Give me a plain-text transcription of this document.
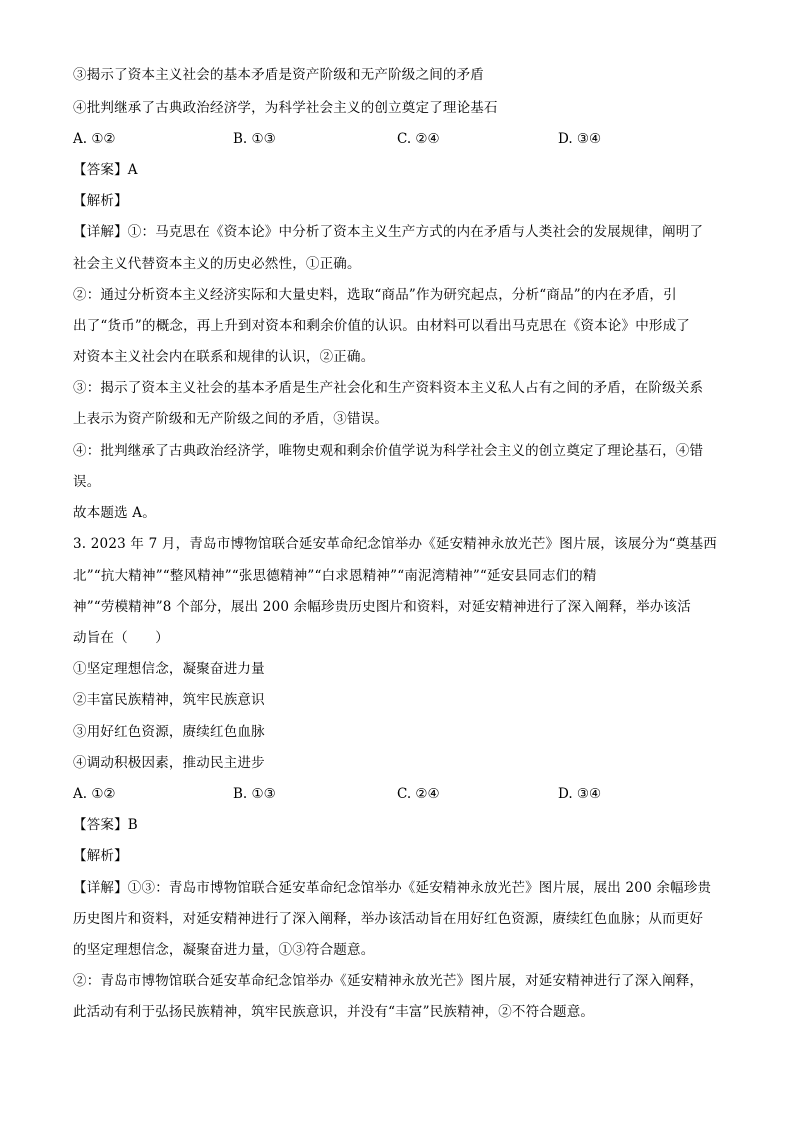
③揭示了资本主义社会的基本矛盾是资产阶级和无产阶级之间的矛盾
④批判继承了古典政治经济学，为科学社会主义的创立奠定了理论基石
A. ①②	B. ①③	C. ②④	D. ③④
【答案】A
【解析】
【详解】①：马克思在《资本论》中分析了资本主义生产方式的内在矛盾与人类社会的发展规律，阐明了
社会主义代替资本主义的历史必然性，①正确。
②：通过分析资本主义经济实际和大量史料，选取“商品”作为研究起点，分析“商品”的内在矛盾，引
出了“货币”的概念，再上升到对资本和剩余价值的认识。由材料可以看出马克思在《资本论》中形成了
对资本主义社会内在联系和规律的认识，②正确。
③：揭示了资本主义社会的基本矛盾是生产社会化和生产资料资本主义私人占有之间的矛盾，在阶级关系
上表示为资产阶级和无产阶级之间的矛盾，③错误。
④：批判继承了古典政治经济学，唯物史观和剩余价值学说为科学社会主义的创立奠定了理论基石，④错
误。
故本题选 A。
3. 2023 年 7 月，青岛市博物馆联合延安革命纪念馆举办《延安精神永放光芒》图片展，该展分为“奠基西
北”“抗大精神”“整风精神”“张思德精神”“白求恩精神”“南泥湾精神”“延安县同志们的精
神”“劳模精神”8 个部分，展出 200 余幅珍贵历史图片和资料，对延安精神进行了深入阐释，举办该活
动旨在（　　）
①坚定理想信念，凝聚奋进力量
②丰富民族精神，筑牢民族意识
③用好红色资源，赓续红色血脉
④调动积极因素，推动民主进步
A. ①②	B. ①③	C. ②④	D. ③④
【答案】B
【解析】
【详解】①③：青岛市博物馆联合延安革命纪念馆举办《延安精神永放光芒》图片展，展出 200 余幅珍贵
历史图片和资料，对延安精神进行了深入阐释，举办该活动旨在用好红色资源，赓续红色血脉；从而更好
的坚定理想信念，凝聚奋进力量，①③符合题意。
②：青岛市博物馆联合延安革命纪念馆举办《延安精神永放光芒》图片展，对延安精神进行了深入阐释，
此活动有利于弘扬民族精神，筑牢民族意识，并没有“丰富”民族精神，②不符合题意。
